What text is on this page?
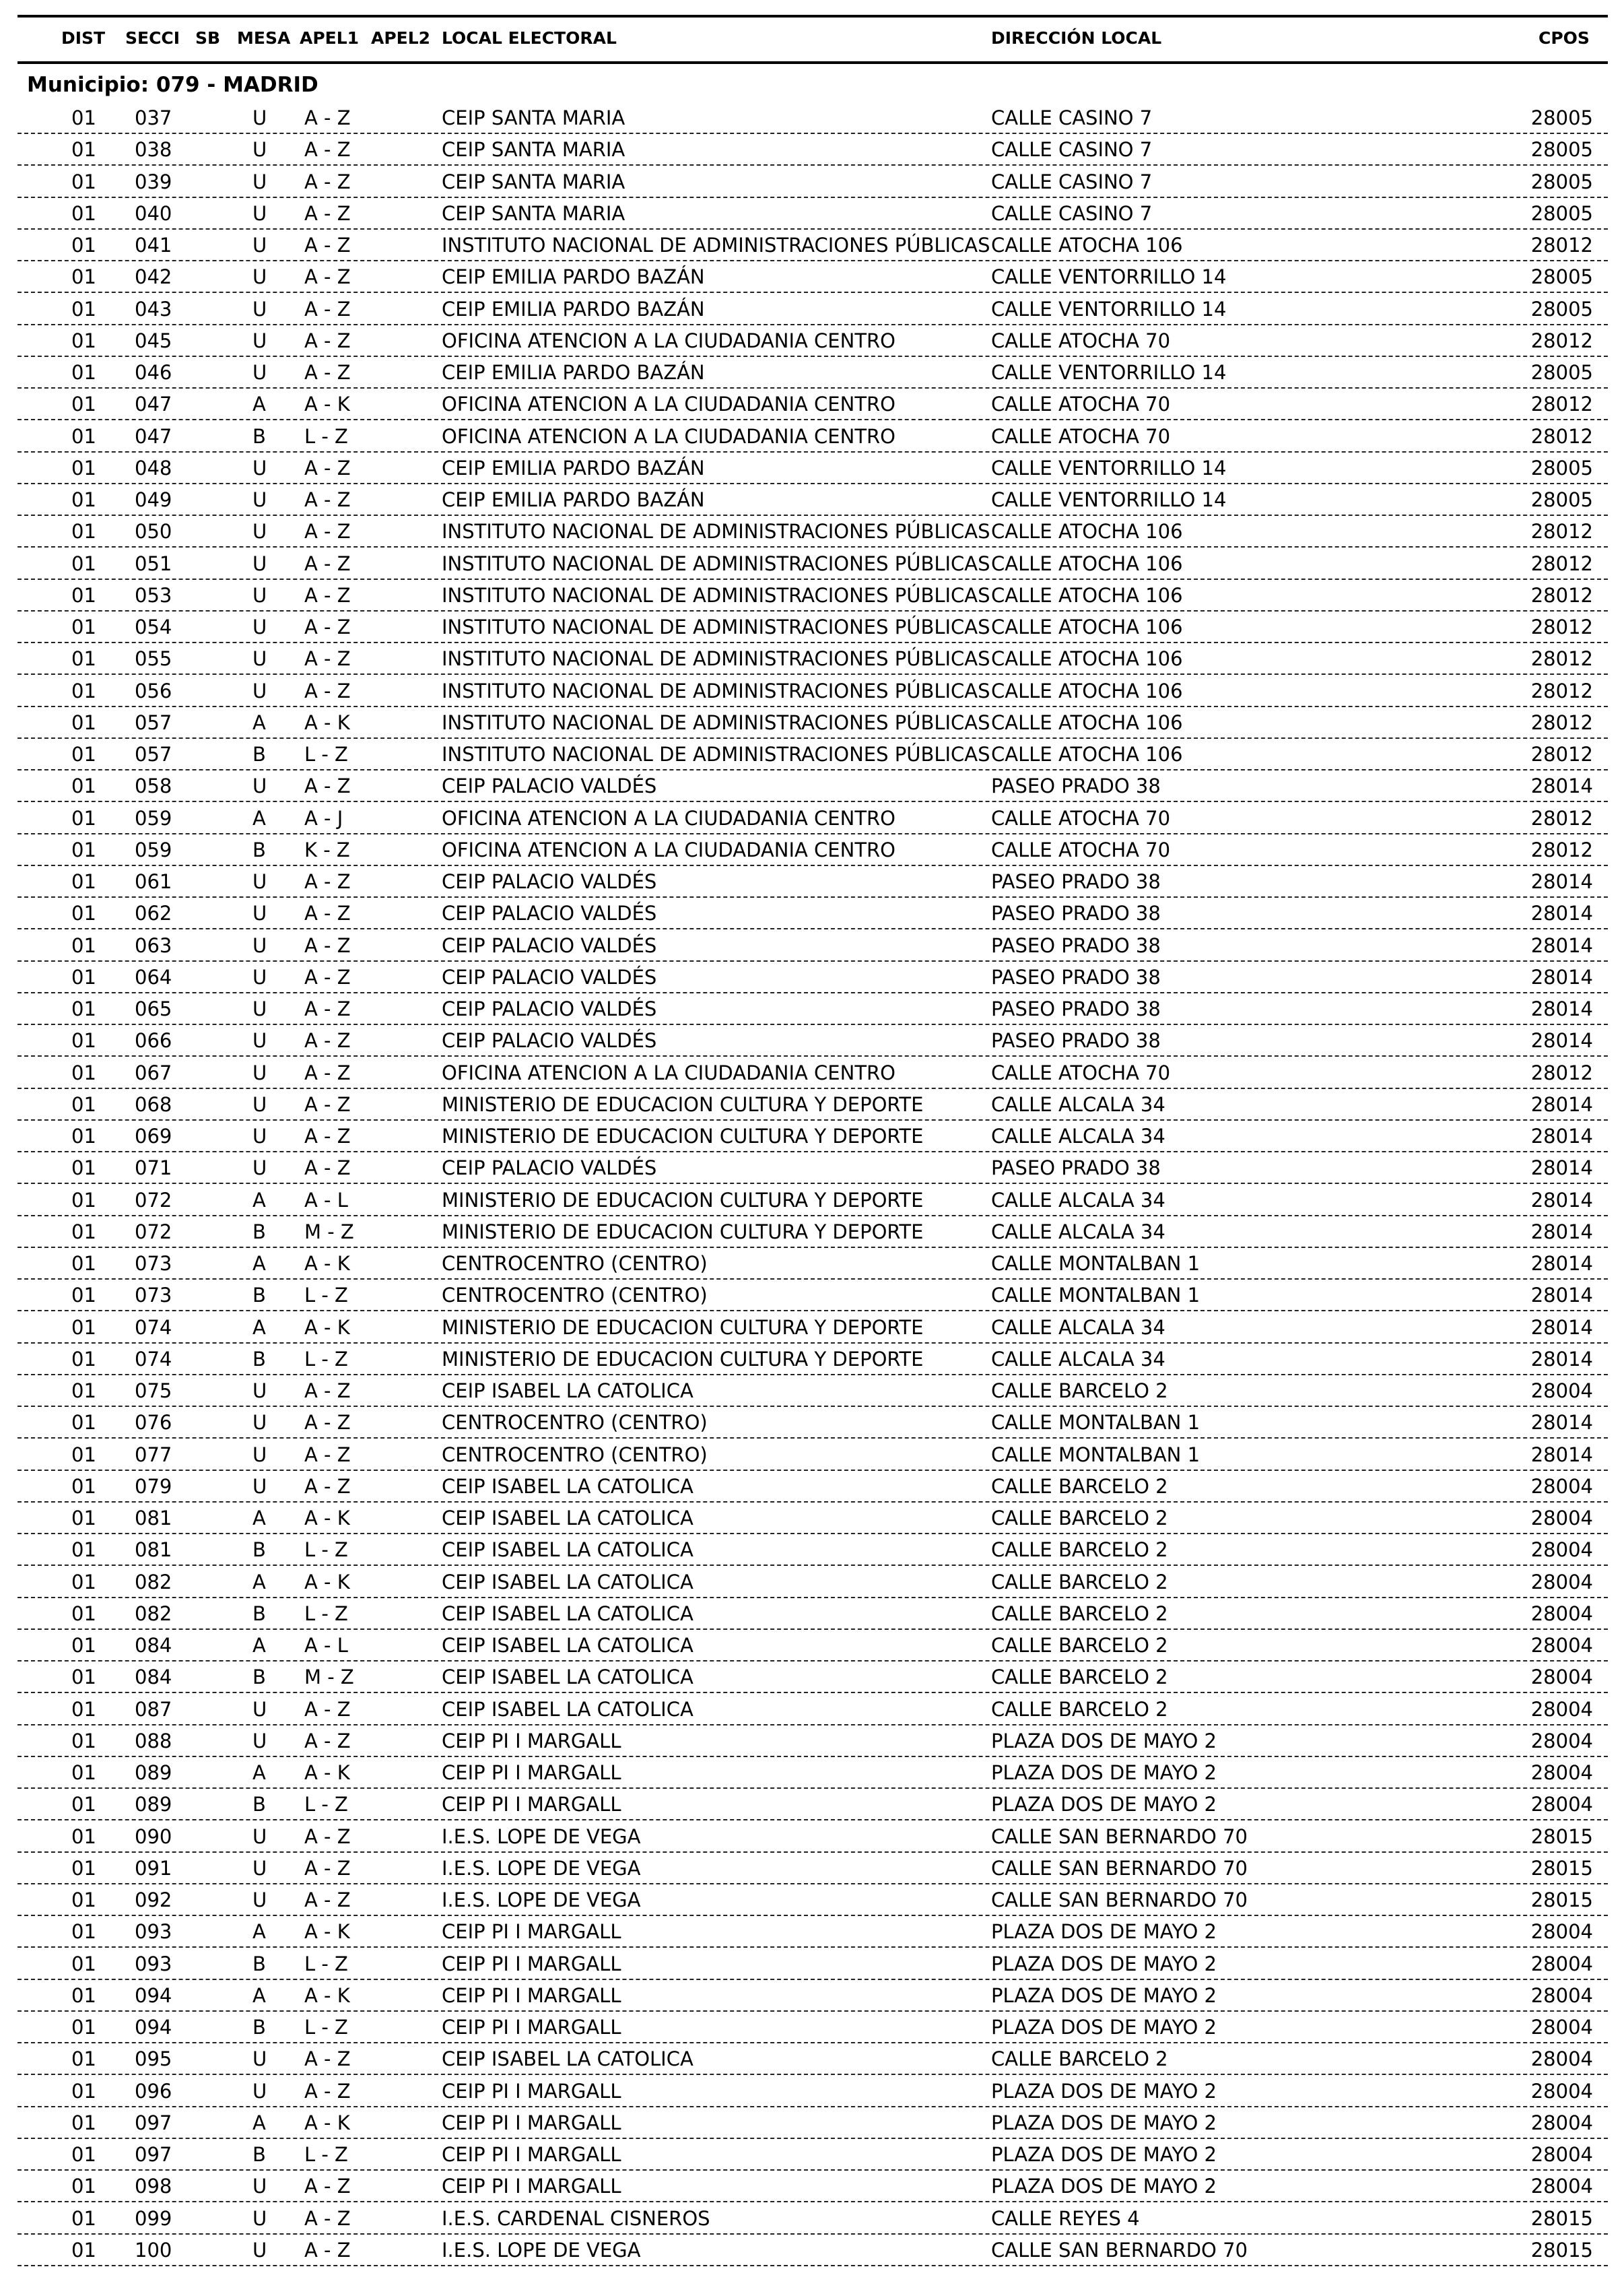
DIST SECCI SB MESA APEL1 APEL2 LOCAL ELECTORAL	DIRECCIÓN LOCAL	CPOS
Municipio: 079 - MADRID
01 037	U A - Z	CEIP SANTA MARIA	CALLE CASINO 7	28005
01 038	U A - Z	CEIP SANTA MARIA	CALLE CASINO 7	28005
01 039	U A - Z	CEIP SANTA MARIA	CALLE CASINO 7	28005
01 040	U A - Z	CEIP SANTA MARIA	CALLE CASINO 7	28005
01 041	U A - Z	INSTITUTO NACIONAL DE ADMINISTRACIONES PÚBLICAS CALLE ATOCHA 106	28012
01 042	U A - Z	CEIP EMILIA PARDO BAZÁN	CALLE VENTORRILLO 14	28005
01 043	U A - Z	CEIP EMILIA PARDO BAZÁN	CALLE VENTORRILLO 14	28005
01 045	U A - Z	OFICINA ATENCION A LA CIUDADANIA CENTRO	CALLE ATOCHA 70	28012
01 046	U A - Z	CEIP EMILIA PARDO BAZÁN	CALLE VENTORRILLO 14	28005
01 047	A A - K	OFICINA ATENCION A LA CIUDADANIA CENTRO	CALLE ATOCHA 70	28012
01 047	B L - Z	OFICINA ATENCION A LA CIUDADANIA CENTRO	CALLE ATOCHA 70	28012
01 048	U A - Z	CEIP EMILIA PARDO BAZÁN	CALLE VENTORRILLO 14	28005
01 049	U A - Z	CEIP EMILIA PARDO BAZÁN	CALLE VENTORRILLO 14	28005
01 050	U A - Z	INSTITUTO NACIONAL DE ADMINISTRACIONES PÚBLICAS CALLE ATOCHA 106	28012
01 051	U A - Z	INSTITUTO NACIONAL DE ADMINISTRACIONES PÚBLICAS CALLE ATOCHA 106	28012
01 053	U A - Z	INSTITUTO NACIONAL DE ADMINISTRACIONES PÚBLICAS CALLE ATOCHA 106	28012
01 054	U A - Z	INSTITUTO NACIONAL DE ADMINISTRACIONES PÚBLICAS CALLE ATOCHA 106	28012
01 055	U A - Z	INSTITUTO NACIONAL DE ADMINISTRACIONES PÚBLICAS CALLE ATOCHA 106	28012
01 056	U A - Z	INSTITUTO NACIONAL DE ADMINISTRACIONES PÚBLICAS CALLE ATOCHA 106	28012
01 057	A A - K	INSTITUTO NACIONAL DE ADMINISTRACIONES PÚBLICAS CALLE ATOCHA 106	28012
01 057	B L - Z	INSTITUTO NACIONAL DE ADMINISTRACIONES PÚBLICAS CALLE ATOCHA 106	28012
01 058	U A - Z	CEIP PALACIO VALDÉS	PASEO PRADO 38	28014
01 059	A A - J	OFICINA ATENCION A LA CIUDADANIA CENTRO	CALLE ATOCHA 70	28012
01 059	B K - Z	OFICINA ATENCION A LA CIUDADANIA CENTRO	CALLE ATOCHA 70	28012
01 061	U A - Z	CEIP PALACIO VALDÉS	PASEO PRADO 38	28014
01 062	U A - Z	CEIP PALACIO VALDÉS	PASEO PRADO 38	28014
01 063	U A - Z	CEIP PALACIO VALDÉS	PASEO PRADO 38	28014
01 064	U A - Z	CEIP PALACIO VALDÉS	PASEO PRADO 38	28014
01 065	U A - Z	CEIP PALACIO VALDÉS	PASEO PRADO 38	28014
01 066	U A - Z	CEIP PALACIO VALDÉS	PASEO PRADO 38	28014
01 067	U A - Z	OFICINA ATENCION A LA CIUDADANIA CENTRO	CALLE ATOCHA 70	28012
01 068	U A - Z	MINISTERIO DE EDUCACION CULTURA Y DEPORTE	CALLE ALCALA 34	28014
01 069	U A - Z	MINISTERIO DE EDUCACION CULTURA Y DEPORTE	CALLE ALCALA 34	28014
01 071	U A - Z	CEIP PALACIO VALDÉS	PASEO PRADO 38	28014
01 072	A A - L	MINISTERIO DE EDUCACION CULTURA Y DEPORTE	CALLE ALCALA 34	28014
01 072	B M - Z	MINISTERIO DE EDUCACION CULTURA Y DEPORTE	CALLE ALCALA 34	28014
01 073	A A - K	CENTROCENTRO (CENTRO)	CALLE MONTALBAN 1	28014
01 073	B L - Z	CENTROCENTRO (CENTRO)	CALLE MONTALBAN 1	28014
01 074	A A - K	MINISTERIO DE EDUCACION CULTURA Y DEPORTE	CALLE ALCALA 34	28014
01 074	B L - Z	MINISTERIO DE EDUCACION CULTURA Y DEPORTE	CALLE ALCALA 34	28014
01 075	U A - Z	CEIP ISABEL LA CATOLICA	CALLE BARCELO 2	28004
01 076	U A - Z	CENTROCENTRO (CENTRO)	CALLE MONTALBAN 1	28014
01 077	U A - Z	CENTROCENTRO (CENTRO)	CALLE MONTALBAN 1	28014
01 079	U A - Z	CEIP ISABEL LA CATOLICA	CALLE BARCELO 2	28004
01 081	A A - K	CEIP ISABEL LA CATOLICA	CALLE BARCELO 2	28004
01 081	B L - Z	CEIP ISABEL LA CATOLICA	CALLE BARCELO 2	28004
01 082	A A - K	CEIP ISABEL LA CATOLICA	CALLE BARCELO 2	28004
01 082	B L - Z	CEIP ISABEL LA CATOLICA	CALLE BARCELO 2	28004
01 084	A A - L	CEIP ISABEL LA CATOLICA	CALLE BARCELO 2	28004
01 084	B M - Z	CEIP ISABEL LA CATOLICA	CALLE BARCELO 2	28004
01 087	U A - Z	CEIP ISABEL LA CATOLICA	CALLE BARCELO 2	28004
01 088	U A - Z	CEIP PI I MARGALL	PLAZA DOS DE MAYO 2	28004
01 089	A A - K	CEIP PI I MARGALL	PLAZA DOS DE MAYO 2	28004
01 089	B L - Z	CEIP PI I MARGALL	PLAZA DOS DE MAYO 2	28004
01 090	U A - Z	I.E.S. LOPE DE VEGA	CALLE SAN BERNARDO 70	28015
01 091	U A - Z	I.E.S. LOPE DE VEGA	CALLE SAN BERNARDO 70	28015
01 092	U A - Z	I.E.S. LOPE DE VEGA	CALLE SAN BERNARDO 70	28015
01 093	A A - K	CEIP PI I MARGALL	PLAZA DOS DE MAYO 2	28004
01 093	B L - Z	CEIP PI I MARGALL	PLAZA DOS DE MAYO 2	28004
01 094	A A - K	CEIP PI I MARGALL	PLAZA DOS DE MAYO 2	28004
01 094	B L - Z	CEIP PI I MARGALL	PLAZA DOS DE MAYO 2	28004
01 095	U A - Z	CEIP ISABEL LA CATOLICA	CALLE BARCELO 2	28004
01 096	U A - Z	CEIP PI I MARGALL	PLAZA DOS DE MAYO 2	28004
01 097	A A - K	CEIP PI I MARGALL	PLAZA DOS DE MAYO 2	28004
01 097	B L - Z	CEIP PI I MARGALL	PLAZA DOS DE MAYO 2	28004
01 098	U A - Z	CEIP PI I MARGALL	PLAZA DOS DE MAYO 2	28004
01 099	U A - Z	I.E.S. CARDENAL CISNEROS	CALLE REYES 4	28015
01 100	U A - Z	I.E.S. LOPE DE VEGA	CALLE SAN BERNARDO 70	28015
